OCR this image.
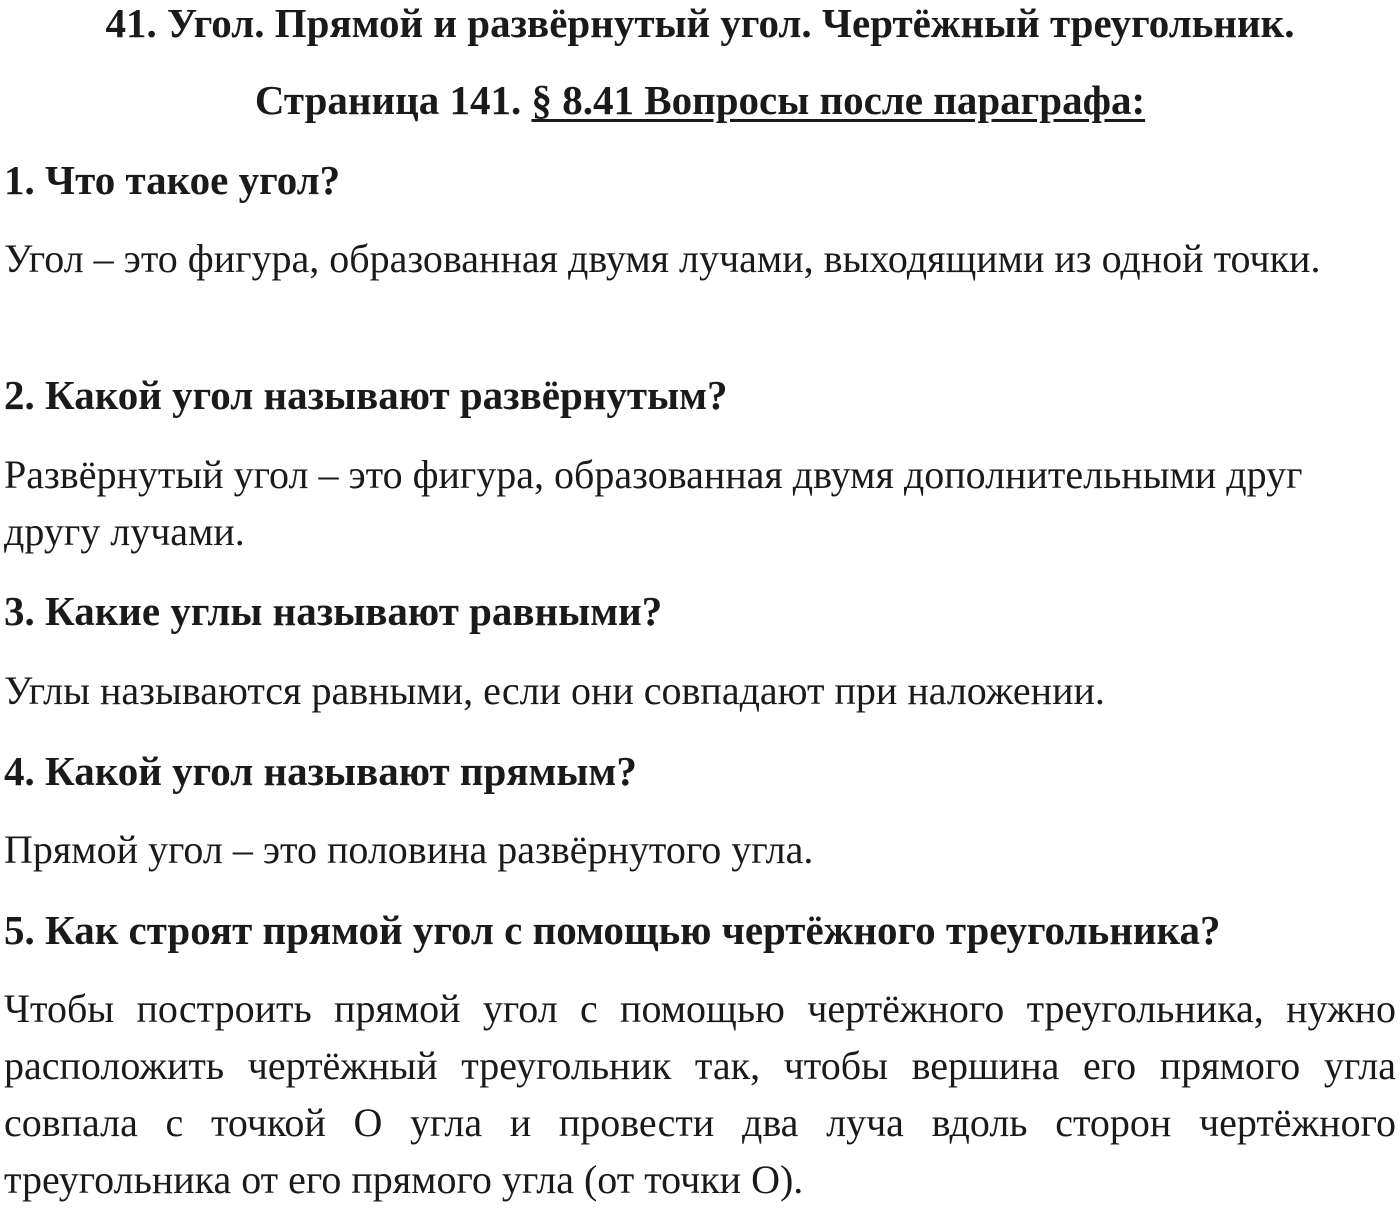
41. Угол. Прямой и развёрнутый угол. Чертёжный треугольник.
Страница 141. § 8.41 Вопросы после параграфа:

1. Что такое угол?

Угол – это фигура, образованная двумя лучами, выходящими из одной точки.

2. Какой угол называют развёрнутым?

Развёрнутый угол – это фигура, образованная двумя дополнительными друг другу лучами.

3. Какие углы называют равными?

Углы называются равными, если они совпадают при наложении.

4. Какой угол называют прямым?

Прямой угол – это половина развёрнутого угла.

5. Как строят прямой угол с помощью чертёжного треугольника?

Чтобы построить прямой угол с помощью чертёжного треугольника, нужно расположить чертёжный треугольник так, чтобы вершина его прямого угла совпала с точкой О угла и провести два луча вдоль сторон чертёжного треугольника от его прямого угла (от точки О).
